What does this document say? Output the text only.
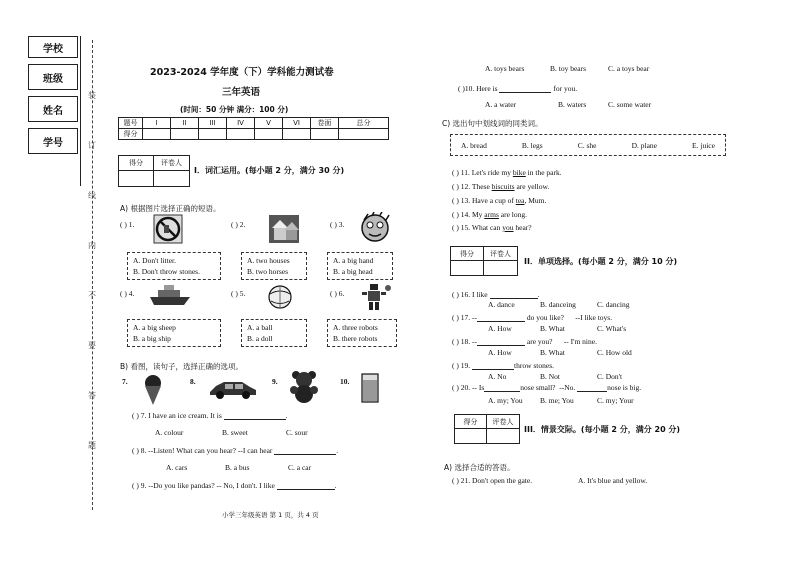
学校
班级
姓名
学号
装
订
线
内
不
要
答
题
2023-2024 学年度（下）学科能力测试卷
三年英语
(时间：50 分钟 满分：100 分)
题号	I	II	III	IV	V	VI	卷面	总分
得分								
得分	评卷人
I．词汇运用。(每小题 2 分，满分 30 分)
A) 根据图片选择正确的短语。
( ) 1.
A. Don't litter.
B. Don't throw stones.
( ) 2.
A. two houses
B. two horses
( ) 3.
A. a big hand
B. a big head
( ) 4.
A. a big sheep
B. a big ship
( ) 5.
A. a ball
B. a doll
( ) 6.
A. three robots
B. there robots
B) 看图，读句子，选择正确的选项。
7.	8.	9.	10.
( ) 7. I have an ice cream. It is	.
A. colour	B. sweet	C. sour
( ) 8. --Listen! What can you hear? --I can hear	.
A. cars	B. a bus	C. a car
( ) 9. --Do you like pandas? -- No, I don't. I like	.
小学三年级英语 第 1 页，共 4 页
A. toys bears	B. toy bears	C. a toys bear
( )10. Here is	for you.
A. a water	B. waters	C. some water
C) 选出句中划线词的同类词。
A. bread	B. legs	C. she	D. plane	E. juice
( ) 11. Let's ride my bike in the park.
( ) 12. These biscuits are yellow.
( ) 13. Have a cup of tea, Mum.
( ) 14. My arms are long.
( ) 15. What can you hear?
得分	评卷人
II．单项选择。(每小题 2 分，满分 10 分)
( ) 16. I like	.
A. dance	B. danceing	C. dancing
( ) 17. --	do you like? --I like toys.
A. How	B. What	C. What's
( ) 18. --	are you? -- I'm nine.
A. How	B. What	C. How old
( ) 19.	throw stones.
A. No	B. Not	C. Don't
( ) 20. -- Is	nose small? --No.	nose is big.
A. my; You B. me; You	C. my; Your
得分	评卷人
III．情景交际。(每小题 2 分，满分 20 分)
A) 选择合适的答语。
( ) 21. Don't open the gate.	A. It's blue and yellow.
